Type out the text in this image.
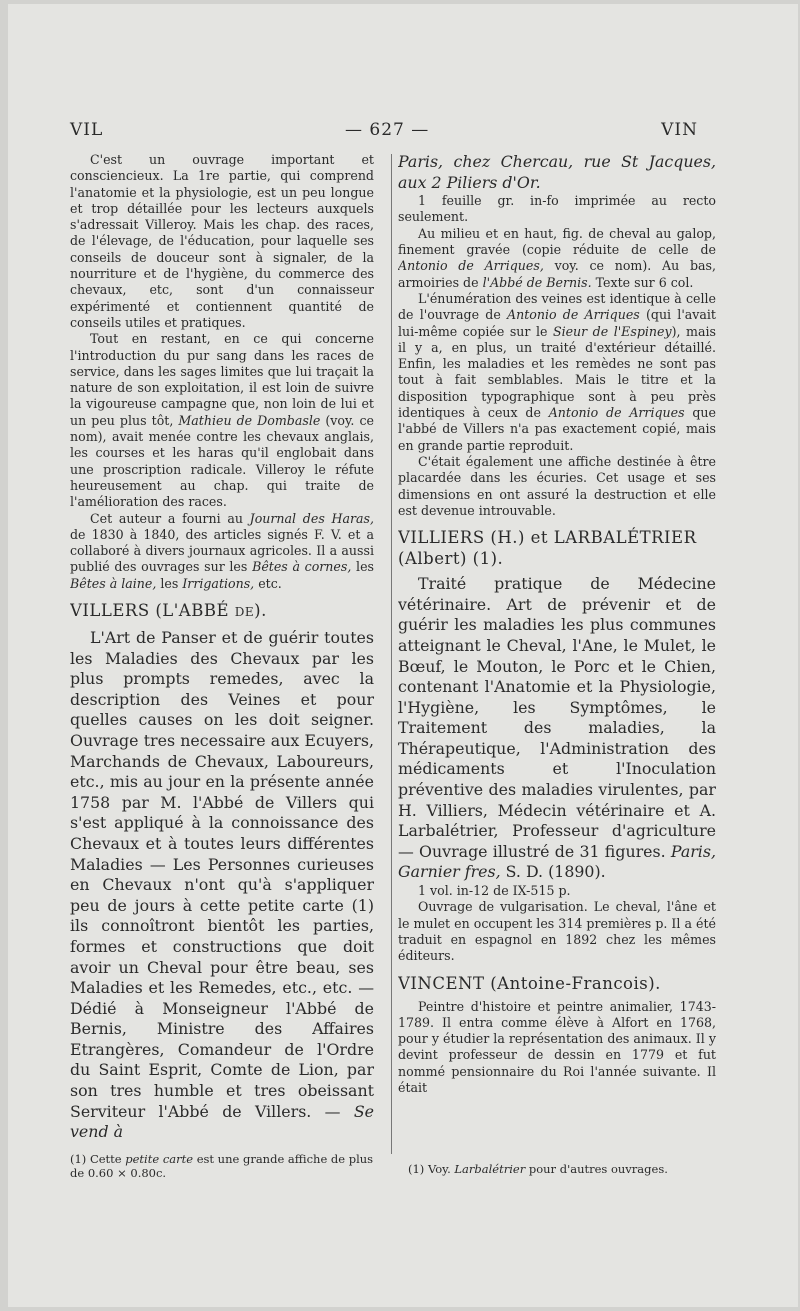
VIL	— 627 —	VIN

C'est un ouvrage important et consciencieux. La 1re partie, qui comprend l'anatomie et la physiologie, est un peu longue et trop détaillée pour les lecteurs auxquels s'adressait Villeroy. Mais les chap. des races, de l'élevage, de l'éducation, pour laquelle ses conseils de douceur sont à signaler, de la nourriture et de l'hygiène, du commerce des chevaux, etc, sont d'un connaisseur expérimenté et contiennent quantité de conseils utiles et pratiques.

Tout en restant, en ce qui concerne l'introduction du pur sang dans les races de service, dans les sages limites que lui traçait la nature de son exploitation, il est loin de suivre la vigoureuse campagne que, non loin de lui et un peu plus tôt, Mathieu de Dombasle (voy. ce nom), avait menée contre les chevaux anglais, les courses et les haras qu'il englobait dans une proscription radicale. Villeroy le réfute heureusement au chap. qui traite de l'amélioration des races.

Cet auteur a fourni au Journal des Haras, de 1830 à 1840, des articles signés F. V. et a collaboré à divers journaux agricoles. Il a aussi publié des ouvrages sur les Bêtes à cornes, les Bêtes à laine, les Irrigations, etc.

VILLERS (L'ABBÉ DE).

L'Art de Panser et de guérir toutes les Maladies des Chevaux par les plus prompts remedes, avec la description des Veines et pour quelles causes on les doit seigner. Ouvrage tres necessaire aux Ecuyers, Marchands de Chevaux, Laboureurs, etc., mis au jour en la présente année 1758 par M. l'Abbé de Villers qui s'est appliqué à la connoissance des Chevaux et à toutes leurs différentes Maladies — Les Personnes curieuses en Chevaux n'ont qu'à s'appliquer peu de jours à cette petite carte (1) ils connoîtront bientôt les parties, formes et constructions que doit avoir un Cheval pour être beau, ses Maladies et les Remedes, etc., etc. — Dédié à Monseigneur l'Abbé de Bernis, Ministre des Affaires Etrangères, Comandeur de l'Ordre du Saint Esprit, Comte de Lion, par son tres humble et tres obeissant Serviteur l'Abbé de Villers. — Se vend à

(1) Cette petite carte est une grande affiche de plus de 0.60 × 0.80c.

Paris, chez Chercau, rue St Jacques, aux 2 Piliers d'Or.

1 feuille gr. in-fo imprimée au recto seulement.

Au milieu et en haut, fig. de cheval au galop, finement gravée (copie réduite de celle de Antonio de Arriques, voy. ce nom). Au bas, armoiries de l'Abbé de Bernis. Texte sur 6 col.

L'énumération des veines est identique à celle de l'ouvrage de Antonio de Arriques (qui l'avait lui-même copiée sur le Sieur de l'Espiney), mais il y a, en plus, un traité d'extérieur détaillé. Enfin, les maladies et les remèdes ne sont pas tout à fait semblables. Mais le titre et la disposition typographique sont à peu près identiques à ceux de Antonio de Arriques que l'abbé de Villers n'a pas exactement copié, mais en grande partie reproduit.

C'était également une affiche destinée à être placardée dans les écuries. Cet usage et ses dimensions en ont assuré la destruction et elle est devenue introuvable.

VILLIERS (H.) et LARBALÉTRIER (Albert) (1).

Traité pratique de Médecine vétérinaire. Art de prévenir et de guérir les maladies les plus communes atteignant le Cheval, l'Ane, le Mulet, le Bœuf, le Mouton, le Porc et le Chien, contenant l'Anatomie et la Physiologie, l'Hygiène, les Symptômes, le Traitement des maladies, la Thérapeutique, l'Administration des médicaments et l'Inoculation préventive des maladies virulentes, par H. Villiers, Médecin vétérinaire et A. Larbalétrier, Professeur d'agriculture — Ouvrage illustré de 31 figures. Paris, Garnier fres, S. D. (1890).

1 vol. in-12 de IX-515 p.

Ouvrage de vulgarisation. Le cheval, l'âne et le mulet en occupent les 314 premières p. Il a été traduit en espagnol en 1892 chez les mêmes éditeurs.

VINCENT (Antoine-Francois).

Peintre d'histoire et peintre animalier, 1743-1789. Il entra comme élève à Alfort en 1768, pour y étudier la représentation des animaux. Il y devint professeur de dessin en 1779 et fut nommé pensionnaire du Roi l'année suivante. Il était

(1) Voy. Larbalétrier pour d'autres ouvrages.
